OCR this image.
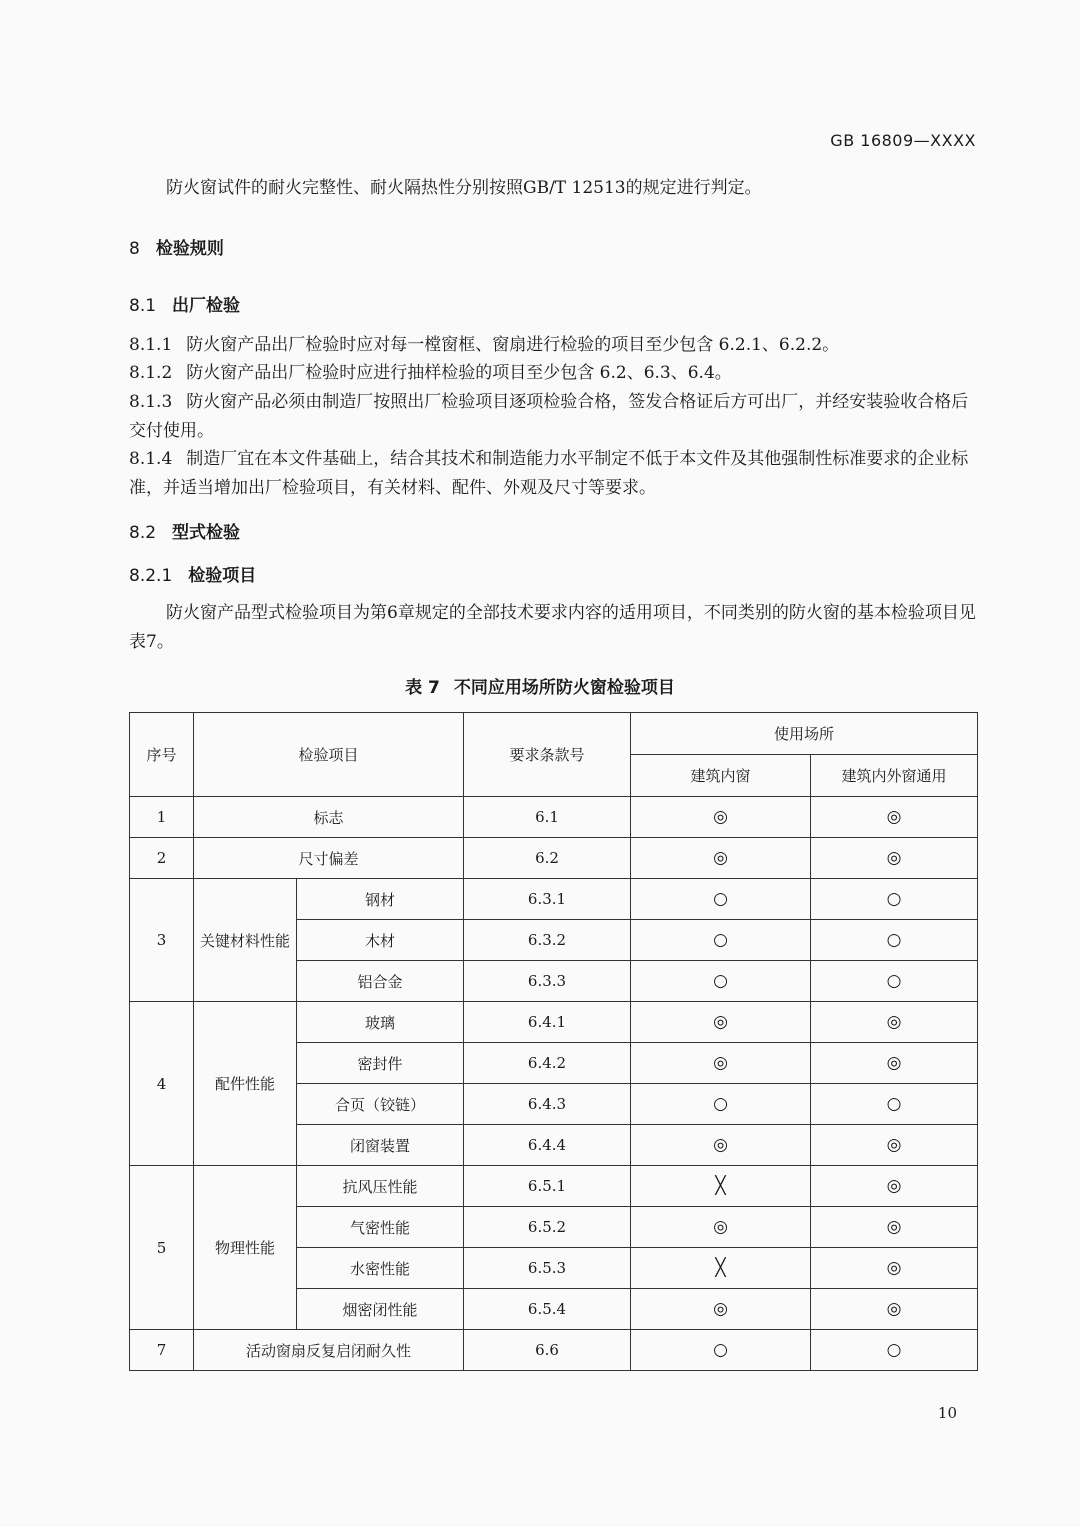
GB 16809—XXXX
防火窗试件的耐火完整性、耐火隔热性分别按照GB/T 12513的规定进行判定。
8 检验规则
8.1 出厂检验
8.1.1 防火窗产品出厂检验时应对每一樘窗框、窗扇进行检验的项目至少包含 6.2.1、6.2.2。
8.1.2 防火窗产品出厂检验时应进行抽样检验的项目至少包含 6.2、6.3、6.4。
8.1.3 防火窗产品必须由制造厂按照出厂检验项目逐项检验合格，签发合格证后方可出厂，并经安装验收合格后交付使用。
8.1.4 制造厂宜在本文件基础上，结合其技术和制造能力水平制定不低于本文件及其他强制性标准要求的企业标准，并适当增加出厂检验项目，有关材料、配件、外观及尺寸等要求。
8.2 型式检验
8.2.1 检验项目
防火窗产品型式检验项目为第6章规定的全部技术要求内容的适用项目，不同类别的防火窗的基本检验项目见表7。
表 7 不同应用场所防火窗检验项目
序号	检验项目		要求条款号	使用场所	
				建筑内窗	建筑内外窗通用
1	标志		6.1	◎	◎
2	尺寸偏差		6.2	◎	◎
3	关键材料性能	钢材	6.3.1	○	○
		木材	6.3.2	○	○
		铝合金	6.3.3	○	○
4	配件性能	玻璃	6.4.1	◎	◎
		密封件	6.4.2	◎	◎
		合页（铰链）	6.4.3	○	○
		闭窗装置	6.4.4	◎	◎
5	物理性能	抗风压性能	6.5.1	╳	◎
		气密性能	6.5.2	◎	◎
		水密性能	6.5.3	╳	◎
		烟密闭性能	6.5.4	◎	◎
7	活动窗扇反复启闭耐久性		6.6	○	○
10
